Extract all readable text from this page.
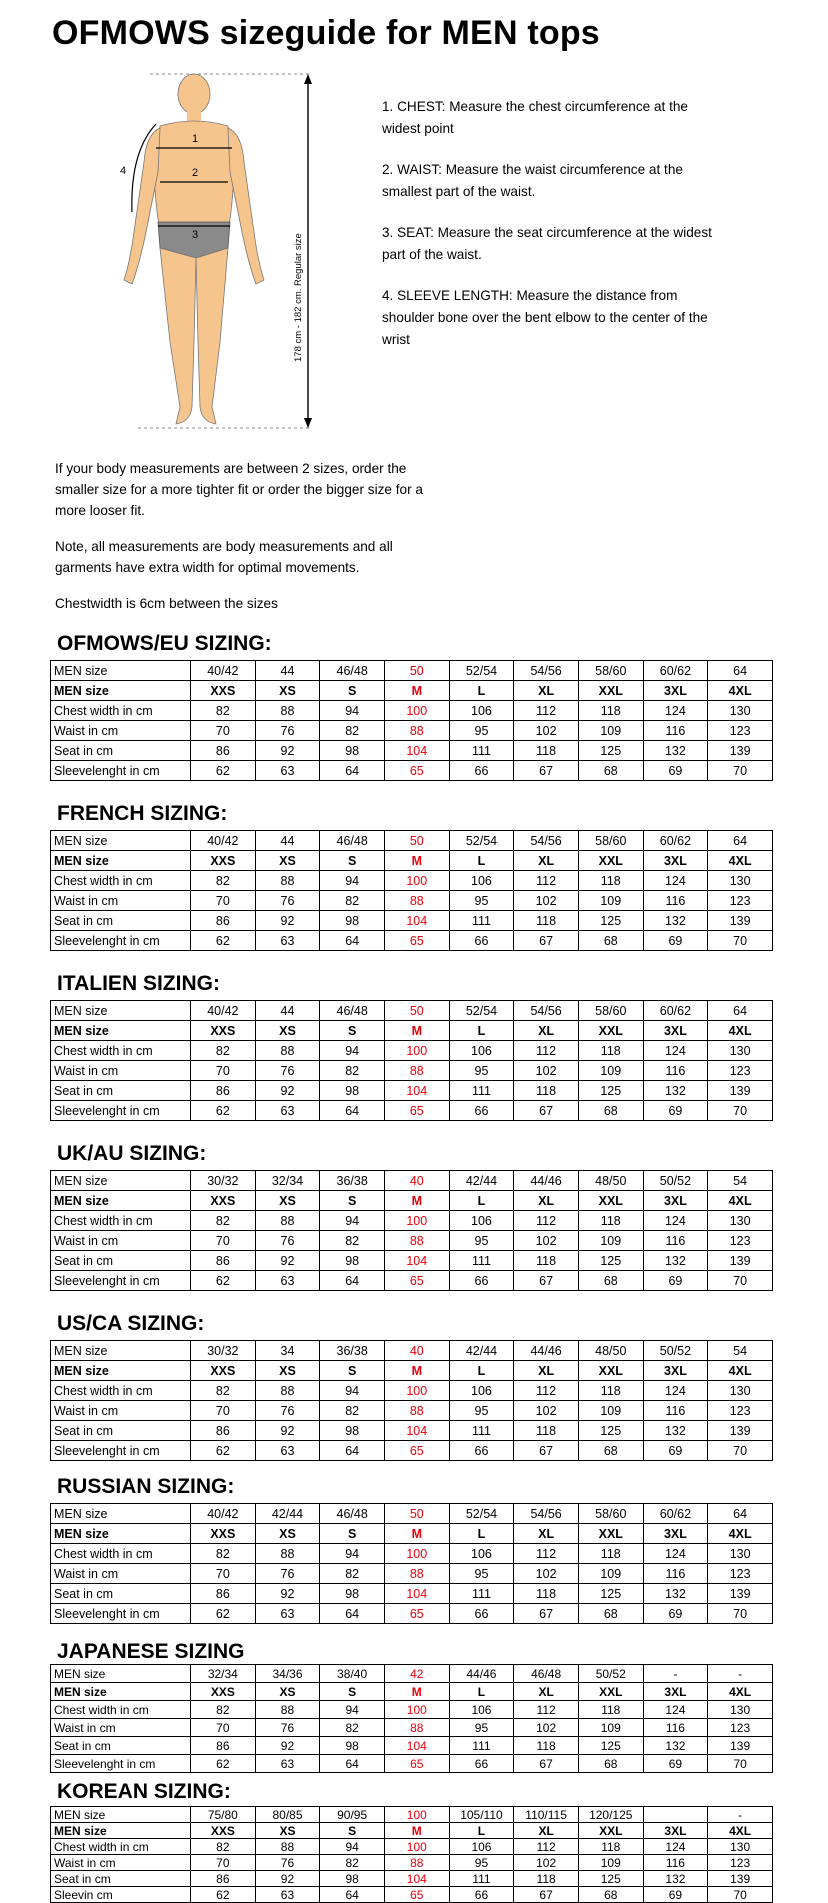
OFMOWS sizeguide for MEN tops
1
2
3
4
178 cm - 182 cm. Regular size

1. CHEST: Measure the chest circumference at the widest point

2. WAIST: Measure the waist circumference at the smallest part of the waist.

3. SEAT: Measure the seat circumference at the widest part of the waist.

4. SLEEVE LENGTH: Measure the distance from shoulder bone over the bent elbow to the center of the wrist

If your body measurements are between 2 sizes, order the smaller size for a more tighter fit or order the bigger size for a more looser fit.

Note, all measurements are body measurements and all garments have extra width for optimal movements.

Chestwidth is 6cm between the sizes

OFMOWS/EU SIZING:
MEN size	40/42	44	46/48	50	52/54	54/56	58/60	60/62	64
MEN size	XXS	XS	S	M	L	XL	XXL	3XL	4XL
Chest width in cm	82	88	94	100	106	112	118	124	130
Waist in cm	70	76	82	88	95	102	109	116	123
Seat in cm	86	92	98	104	111	118	125	132	139
Sleevelenght in cm	62	63	64	65	66	67	68	69	70
FRENCH SIZING:
MEN size	40/42	44	46/48	50	52/54	54/56	58/60	60/62	64
MEN size	XXS	XS	S	M	L	XL	XXL	3XL	4XL
Chest width in cm	82	88	94	100	106	112	118	124	130
Waist in cm	70	76	82	88	95	102	109	116	123
Seat in cm	86	92	98	104	111	118	125	132	139
Sleevelenght in cm	62	63	64	65	66	67	68	69	70
ITALIEN SIZING:
MEN size	40/42	44	46/48	50	52/54	54/56	58/60	60/62	64
MEN size	XXS	XS	S	M	L	XL	XXL	3XL	4XL
Chest width in cm	82	88	94	100	106	112	118	124	130
Waist in cm	70	76	82	88	95	102	109	116	123
Seat in cm	86	92	98	104	111	118	125	132	139
Sleevelenght in cm	62	63	64	65	66	67	68	69	70
UK/AU SIZING:
MEN size	30/32	32/34	36/38	40	42/44	44/46	48/50	50/52	54
MEN size	XXS	XS	S	M	L	XL	XXL	3XL	4XL
Chest width in cm	82	88	94	100	106	112	118	124	130
Waist in cm	70	76	82	88	95	102	109	116	123
Seat in cm	86	92	98	104	111	118	125	132	139
Sleevelenght in cm	62	63	64	65	66	67	68	69	70
US/CA SIZING:
MEN size	30/32	34	36/38	40	42/44	44/46	48/50	50/52	54
MEN size	XXS	XS	S	M	L	XL	XXL	3XL	4XL
Chest width in cm	82	88	94	100	106	112	118	124	130
Waist in cm	70	76	82	88	95	102	109	116	123
Seat in cm	86	92	98	104	111	118	125	132	139
Sleevelenght in cm	62	63	64	65	66	67	68	69	70
RUSSIAN SIZING:
MEN size	40/42	42/44	46/48	50	52/54	54/56	58/60	60/62	64
MEN size	XXS	XS	S	M	L	XL	XXL	3XL	4XL
Chest width in cm	82	88	94	100	106	112	118	124	130
Waist in cm	70	76	82	88	95	102	109	116	123
Seat in cm	86	92	98	104	111	118	125	132	139
Sleevelenght in cm	62	63	64	65	66	67	68	69	70
JAPANESE SIZING
MEN size	32/34	34/36	38/40	42	44/46	46/48	50/52	-	-
MEN size	XXS	XS	S	M	L	XL	XXL	3XL	4XL
Chest width in cm	82	88	94	100	106	112	118	124	130
Waist in cm	70	76	82	88	95	102	109	116	123
Seat in cm	86	92	98	104	111	118	125	132	139
Sleevelenght in cm	62	63	64	65	66	67	68	69	70
KOREAN SIZING:
MEN size	75/80	80/85	90/95	100	105/110	110/115	120/125		-
MEN size	XXS	XS	S	M	L	XL	XXL	3XL	4XL
Chest width in cm	82	88	94	100	106	112	118	124	130
Waist in cm	70	76	82	88	95	102	109	116	123
Seat in cm	86	92	98	104	111	118	125	132	139
Sleevin cm	62	63	64	65	66	67	68	69	70
